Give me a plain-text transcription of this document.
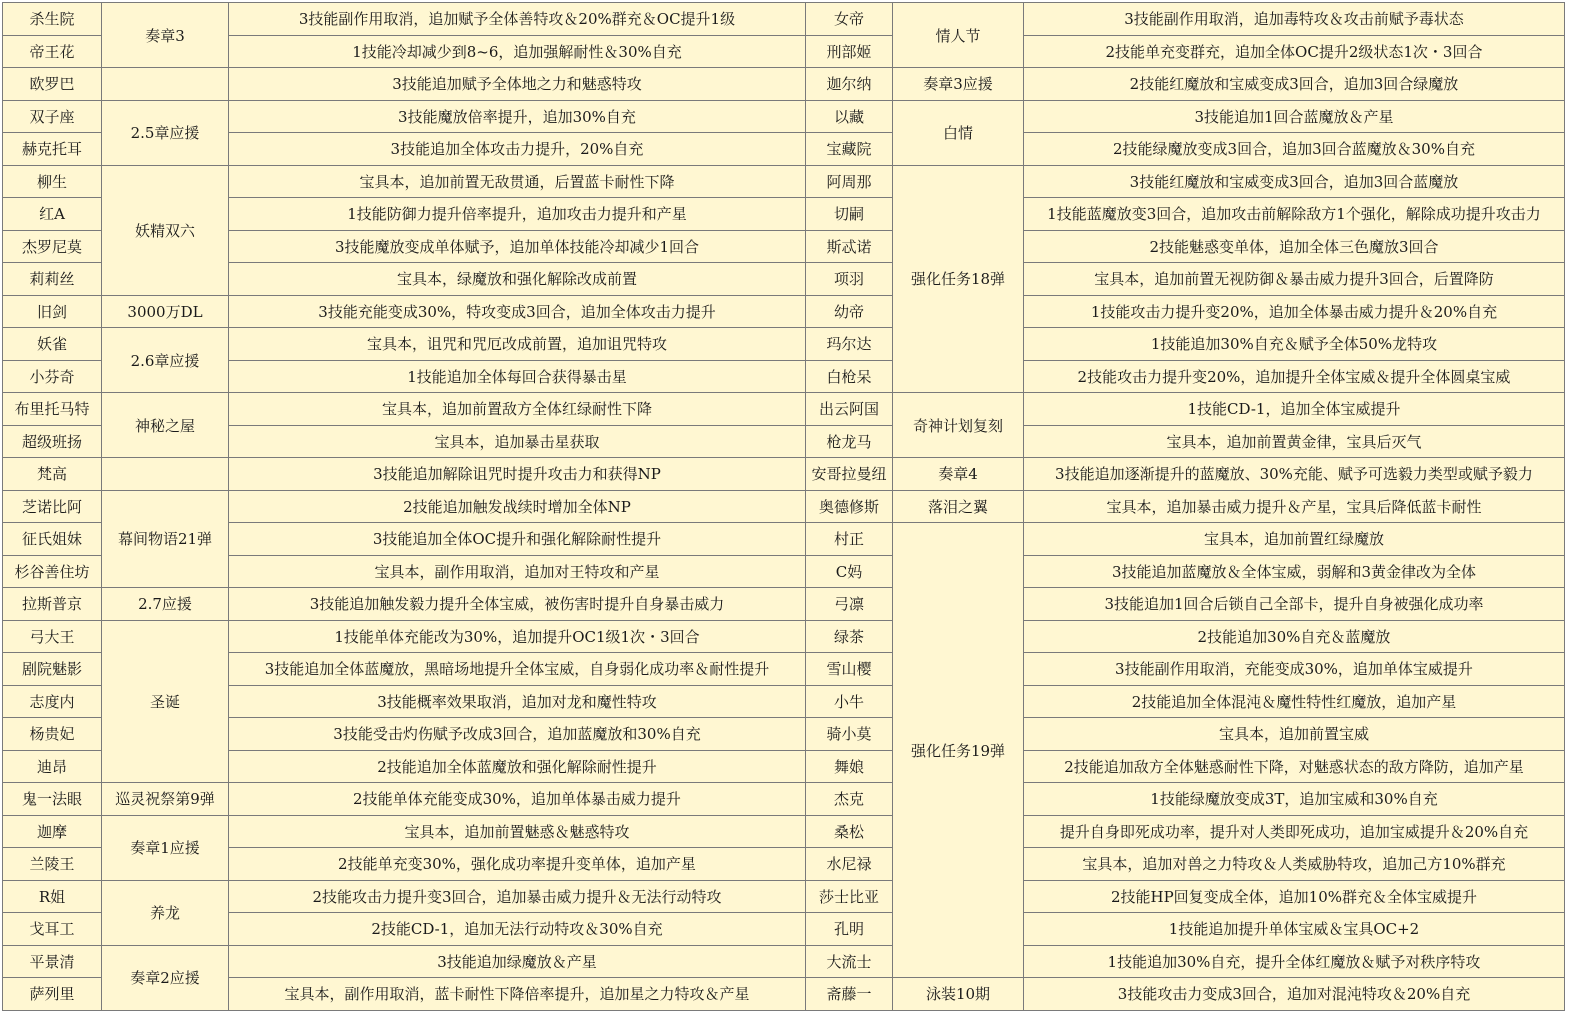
杀生院	奏章3	3技能副作用取消，追加赋予全体善特攻＆20%群充＆OC提升1级	女帝	情人节	3技能副作用取消，追加毒特攻＆攻击前赋予毒状态
帝王花		1技能冷却减少到8~6，追加强解耐性＆30%自充	刑部姬		2技能单充变群充，追加全体OC提升2级状态1次・3回合
欧罗巴		3技能追加赋予全体地之力和魅惑特攻	迦尔纳	奏章3应援	2技能红魔放和宝威变成3回合，追加3回合绿魔放
双子座	2.5章应援	3技能魔放倍率提升，追加30%自充	以藏	白情	3技能追加1回合蓝魔放＆产星
赫克托耳		3技能追加全体攻击力提升，20%自充	宝藏院		2技能绿魔放变成3回合，追加3回合蓝魔放＆30%自充
柳生	妖精双六	宝具本，追加前置无敌贯通，后置蓝卡耐性下降	阿周那	强化任务18弹	3技能红魔放和宝威变成3回合，追加3回合蓝魔放
红A		1技能防御力提升倍率提升，追加攻击力提升和产星	切嗣		1技能蓝魔放变3回合，追加攻击前解除敌方1个强化，解除成功提升攻击力
杰罗尼莫		3技能魔放变成单体赋予，追加单体技能冷却减少1回合	斯忒诺		2技能魅惑变单体，追加全体三色魔放3回合
莉莉丝		宝具本，绿魔放和强化解除改成前置	项羽		宝具本，追加前置无视防御＆暴击威力提升3回合，后置降防
旧剑	3000万DL	3技能充能变成30%，特攻变成3回合，追加全体攻击力提升	幼帝		1技能攻击力提升变20%，追加全体暴击威力提升＆20%自充
妖雀	2.6章应援	宝具本，诅咒和咒厄改成前置，追加诅咒特攻	玛尔达		1技能追加30%自充＆赋予全体50%龙特攻
小芬奇		1技能追加全体每回合获得暴击星	白枪呆		2技能攻击力提升变20%，追加提升全体宝威＆提升全体圆桌宝威
布里托马特	神秘之屋	宝具本，追加前置敌方全体红绿耐性下降	出云阿国	奇神计划复刻	1技能CD-1，追加全体宝威提升
超级班扬		宝具本，追加暴击星获取	枪龙马		宝具本，追加前置黄金律，宝具后灭气
梵高		3技能追加解除诅咒时提升攻击力和获得NP	安哥拉曼纽	奏章4	3技能追加逐渐提升的蓝魔放、30%充能、赋予可选毅力类型或赋予毅力
芝诺比阿	幕间物语21弹	2技能追加触发战续时增加全体NP	奥德修斯	落泪之翼	宝具本，追加暴击威力提升＆产星，宝具后降低蓝卡耐性
征氏姐妹		3技能追加全体OC提升和强化解除耐性提升	村正	强化任务19弹	宝具本，追加前置红绿魔放
杉谷善住坊		宝具本，副作用取消，追加对王特攻和产星	C妈		3技能追加蓝魔放＆全体宝威，弱解和3黄金律改为全体
拉斯普京	2.7应援	3技能追加触发毅力提升全体宝威，被伤害时提升自身暴击威力	弓凛		3技能追加1回合后锁自己全部卡，提升自身被强化成功率
弓大王	圣诞	1技能单体充能改为30%，追加提升OC1级1次・3回合	绿茶		2技能追加30%自充＆蓝魔放
剧院魅影		3技能追加全体蓝魔放，黑暗场地提升全体宝威，自身弱化成功率＆耐性提升	雪山樱		3技能副作用取消，充能变成30%，追加单体宝威提升
志度内		3技能概率效果取消，追加对龙和魔性特攻	小牛		2技能追加全体混沌＆魔性特性红魔放，追加产星
杨贵妃		3技能受击灼伤赋予改成3回合，追加蓝魔放和30%自充	骑小莫		宝具本，追加前置宝威
迪昂		2技能追加全体蓝魔放和强化解除耐性提升	舞娘		2技能追加敌方全体魅惑耐性下降，对魅惑状态的敌方降防，追加产星
鬼一法眼	巡灵祝祭第9弹	2技能单体充能变成30%，追加单体暴击威力提升	杰克		1技能绿魔放变成3T，追加宝威和30%自充
迦摩	奏章1应援	宝具本，追加前置魅惑＆魅惑特攻	桑松		提升自身即死成功率，提升对人类即死成功，追加宝威提升＆20%自充
兰陵王		2技能单充变30%，强化成功率提升变单体，追加产星	水尼禄		宝具本，追加对兽之力特攻＆人类威胁特攻，追加己方10%群充
R姐	养龙	2技能攻击力提升变3回合，追加暴击威力提升＆无法行动特攻	莎士比亚		2技能HP回复变成全体，追加10%群充＆全体宝威提升
戈耳工		2技能CD-1，追加无法行动特攻＆30%自充	孔明		1技能追加提升单体宝威＆宝具OC+2
平景清	奏章2应援	3技能追加绿魔放＆产星	大流士		1技能追加30%自充，提升全体红魔放＆赋予对秩序特攻
萨列里		宝具本，副作用取消，蓝卡耐性下降倍率提升，追加星之力特攻＆产星	斋藤一	泳装10期	3技能攻击力变成3回合，追加对混沌特攻＆20%自充
